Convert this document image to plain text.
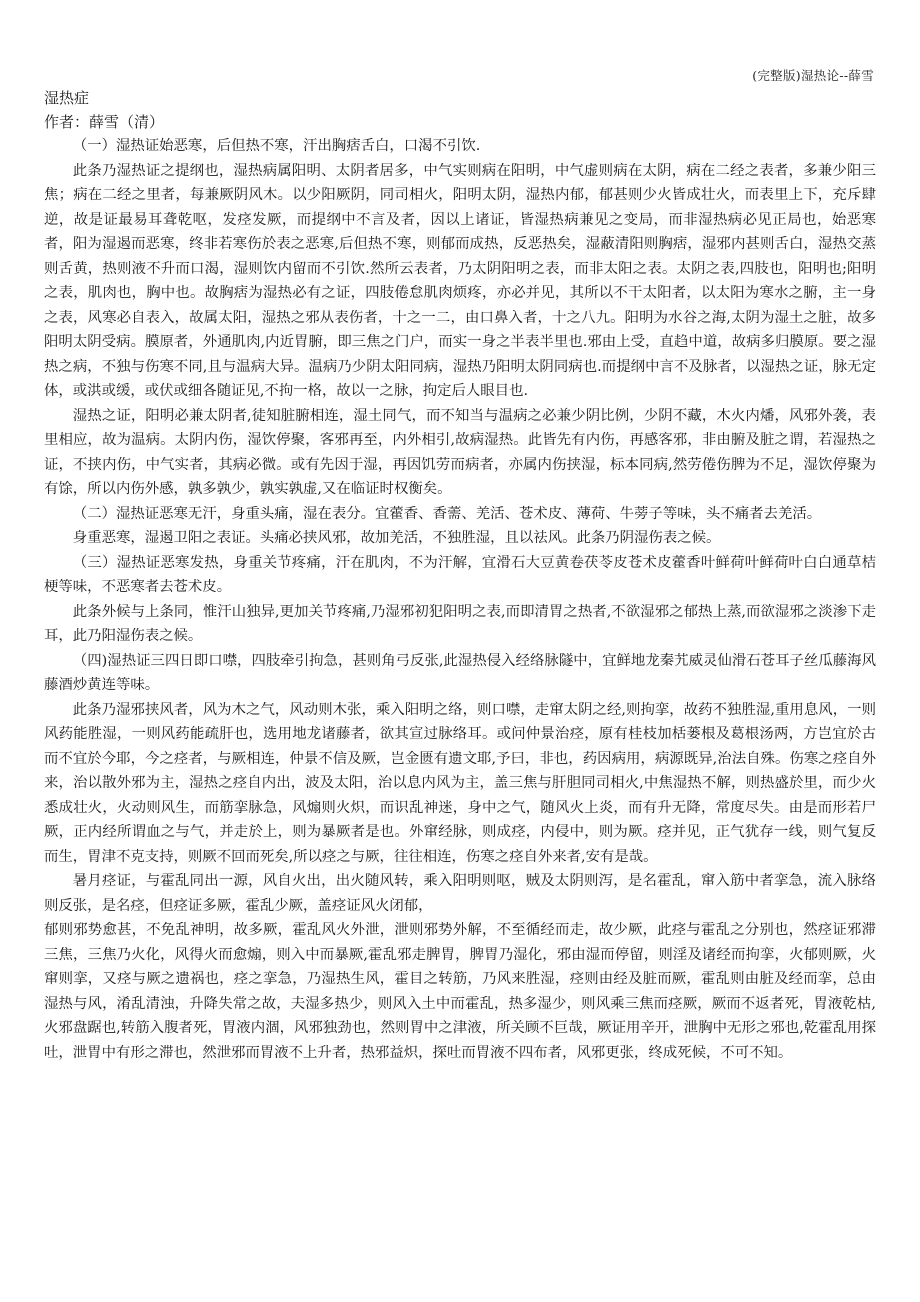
(完整版)湿热论--薛雪
湿热症

作者：薛雪（清）

（一）湿热证始恶寒，后但热不寒，汗出胸痞舌白，口渴不引饮.

此条乃湿热证之提纲也，湿热病属阳明、太阴者居多，中气实则病在阳明，中气虚则病在太阴，病在二经之表者，多兼少阳三焦；病在二经之里者，每兼厥阴风木。以少阳厥阴，同司相火，阳明太阴，湿热内郁，郁甚则少火皆成壮火，而表里上下，充斥肆逆，故是证最易耳聋乾呕，发痉发厥，而提纲中不言及者，因以上诸证，皆湿热病兼见之变局，而非湿热病必见正局也，始恶寒者，阳为湿遏而恶寒，终非若寒伤於表之恶寒,后但热不寒，则郁而成热，反恶热矣，湿蔽清阳则胸痞，湿邪内甚则舌白，湿热交蒸则舌黄，热则液不升而口渴，湿则饮内留而不引饮.然所云表者，乃太阴阳明之表，而非太阳之表。太阴之表,四肢也，阳明也;阳明之表，肌肉也，胸中也。故胸痞为湿热必有之证，四肢倦怠肌肉烦疼，亦必并见，其所以不干太阳者，以太阳为寒水之腑，主一身之表，风寒必自表入，故属太阳，湿热之邪从表伤者，十之一二，由口鼻入者，十之八九。阳明为水谷之海,太阴为湿土之脏，故多阳明太阴受病。膜原者，外通肌肉,内近胃腑，即三焦之门户，而实一身之半表半里也.邪由上受，直趋中道，故病多归膜原。要之湿热之病，不独与伤寒不同,且与温病大异。温病乃少阴太阳同病，湿热乃阳明太阴同病也.而提纲中言不及脉者，以湿热之证，脉无定体，或洪或缓，或伏或细各随证见,不拘一格，故以一之脉，拘定后人眼目也.

湿热之证，阳明必兼太阴者,徒知脏腑相连，湿土同气，而不知当与温病之必兼少阴比例，少阴不藏，木火内燔，风邪外袭，表里相应，故为温病。太阴内伤，湿饮停聚，客邪再至，内外相引,故病湿热。此皆先有内伤，再感客邪，非由腑及脏之谓，若湿热之证，不挟内伤，中气实者，其病必微。或有先因于湿，再因饥劳而病者，亦属内伤挟湿，标本同病,然劳倦伤脾为不足，湿饮停聚为有馀，所以内伤外感，孰多孰少，孰实孰虚,又在临证时权衡矣。

（二）湿热证恶寒无汗，身重头痛，湿在表分。宜藿香、香薷、羌活、苍术皮、薄荷、牛蒡子等味，头不痛者去羌活。

身重恶寒，湿遏卫阳之表证。头痛必挟风邪，故加羌活，不独胜湿，且以祛风。此条乃阴湿伤表之候。

（三）湿热证恶寒发热，身重关节疼痛，汗在肌肉，不为汗解，宜滑石大豆黄卷茯苓皮苍术皮藿香叶鲜荷叶鲜荷叶白白通草桔梗等味，不恶寒者去苍术皮。

此条外候与上条同，惟汗山独异,更加关节疼痛,乃湿邪初犯阳明之表,而即清胃之热者,不欲湿邪之郁热上蒸,而欲湿邪之淡渗下走耳，此乃阳湿伤表之候。

（四)湿热证三四日即口噤，四肢牵引拘急，甚则角弓反张,此湿热侵入经络脉隧中，宜鲜地龙秦艽威灵仙滑石苍耳子丝瓜藤海风藤酒炒黄连等味。

此条乃湿邪挟风者，风为木之气，风动则木张，乘入阳明之络，则口噤，走窜太阴之经,则拘挛，故药不独胜湿,重用息风，一则风药能胜湿，一则风药能疏肝也，选用地龙诸藤者，欲其宣过脉络耳。或问仲景治痉，原有桂枝加栝蒌根及葛根汤两，方岂宜於古而不宜於今耶，今之痉者，与厥相连，仲景不信及厥，岂金匮有遗文耶,予曰，非也，药因病用，病源既异,治法自殊。伤寒之痉自外来，治以散外邪为主，湿热之痉自内出，波及太阳，治以息内风为主，盖三焦与肝胆同司相火,中焦湿热不解，则热盛於里，而少火悉成壮火，火动则风生，而筋挛脉急，风煽则火炽，而识乱神迷，身中之气，随风火上炎，而有升无降，常度尽失。由是而形若尸厥，正内经所谓血之与气，并走於上，则为暴厥者是也。外窜经脉，则成痉，内侵中，则为厥。痉并见，正气犹存一线，则气复反而生，胃津不克支持，则厥不回而死矣,所以痉之与厥，往往相连，伤寒之痉自外来者,安有是哉。

暑月痉证，与霍乱同出一源，风自火出，出火随风转，乘入阳明则呕，贼及太阴则泻，是名霍乱，窜入筋中者挛急，流入脉络则反张，是名痉，但痉证多厥，霍乱少厥，盖痉证风火闭郁，

郁则邪势愈甚，不免乱神明，故多厥，霍乱风火外泄，泄则邪势外解，不至循经而走，故少厥，此痉与霍乱之分别也，然痉证邪滞三焦，三焦乃火化，风得火而愈煽，则入中而暴厥,霍乱邪走脾胃，脾胃乃湿化，邪由湿而停留，则淫及诸经而拘挛，火郁则厥，火窜则挛，又痉与厥之遗祸也，痉之挛急，乃湿热生风，霍目之转筋，乃风来胜湿，痉则由经及脏而厥，霍乱则由脏及经而挛，总由湿热与风，淆乱清浊，升降失常之故，夫湿多热少，则风入土中而霍乱，热多湿少，则风乘三焦而痉厥，厥而不返者死，胃液乾枯,火邪盘踞也,转筋入腹者死，胃液内涸，风邪独劲也，然则胃中之津液，所关顾不巨哉，厥证用辛开，泄胸中无形之邪也,乾霍乱用探吐，泄胃中有形之滞也，然泄邪而胃液不上升者，热邪益炽，探吐而胃液不四布者，风邪更张，终成死候，不可不知。
